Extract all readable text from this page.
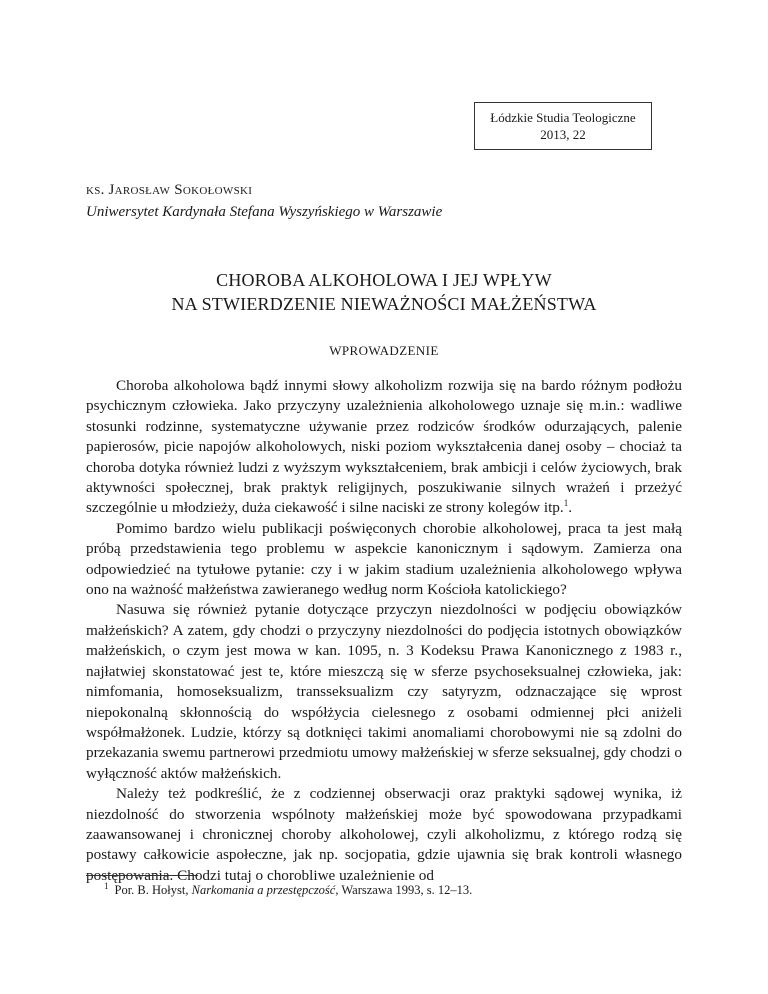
Łódzkie Studia Teologiczne
2013, 22
ks. Jarosław Sokołowski
Uniwersytet Kardynała Stefana Wyszyńskiego w Warszawie
CHOROBA ALKOHOLOWA I JEJ WPŁYW
NA STWIERDZENIE NIEWAŻNOŚCI MAŁŻEŃSTWA
WPROWADZENIE

Choroba alkoholowa bądź innymi słowy alkoholizm rozwija się na bardo różnym podłożu psychicznym człowieka. Jako przyczyny uzależnienia alkoholowego uznaje się m.in.: wadliwe stosunki rodzinne, systematyczne używanie przez rodziców środków odurzających, palenie papierosów, picie napojów alkoholowych, niski poziom wykształcenia danej osoby – chociaż ta choroba dotyka również ludzi z wyższym wykształceniem, brak ambicji i celów życiowych, brak aktywności społecznej, brak praktyk religijnych, poszukiwanie silnych wrażeń i przeżyć szczególnie u młodzieży, duża ciekawość i silne naciski ze strony kolegów itp.$^1$.

Pomimo bardzo wielu publikacji poświęconych chorobie alkoholowej, praca ta jest małą próbą przedstawienia tego problemu w aspekcie kanonicznym i sądowym. Zamierza ona odpowiedzieć na tytułowe pytanie: czy i w jakim stadium uzależnienia alkoholowego wpływa ono na ważność małżeństwa zawieranego według norm Kościoła katolickiego?

Nasuwa się również pytanie dotyczące przyczyn niezdolności w podjęciu obowiązków małżeńskich? A zatem, gdy chodzi o przyczyny niezdolności do podjęcia istotnych obowiązków małżeńskich, o czym jest mowa w kan. 1095, n. 3 Kodeksu Prawa Kanonicznego z 1983 r., najłatwiej skonstatować jest te, które mieszczą się w sferze psychoseksualnej człowieka, jak: nimfomania, homoseksualizm, transseksualizm czy satyryzm, odznaczające się wprost niepokonalną skłonnością do współżycia cielesnego z osobami odmiennej płci aniżeli współmałżonek. Ludzie, którzy są dotknięci takimi anomaliami chorobowymi nie są zdolni do przekazania swemu partnerowi przedmiotu umowy małżeńskiej w sferze seksualnej, gdy chodzi o wyłączność aktów małżeńskich.

Należy też podkreślić, że z codziennej obserwacji oraz praktyki sądowej wynika, iż niezdolność do stworzenia wspólnoty małżeńskiej może być spowodowana przypadkami zaawansowanej i chronicznej choroby alkoholowej, czyli alkoholizmu, z którego rodzą się postawy całkowicie aspołeczne, jak np. socjopatia, gdzie ujawnia się brak kontroli własnego postępowania. Chodzi tutaj o chorobliwe uzależnienie od

$^1$ Por. B. Hołyst, Narkomania a przestępczość, Warszawa 1993, s. 12–13.
